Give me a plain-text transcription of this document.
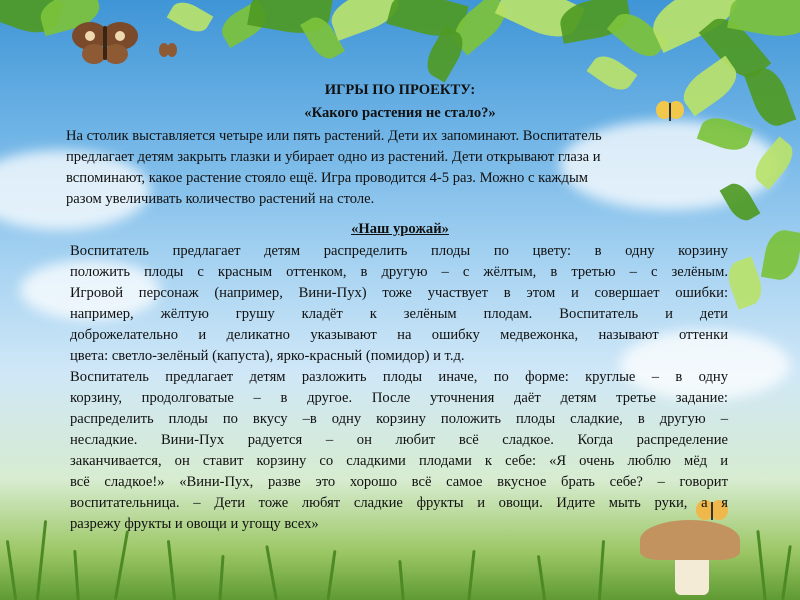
ИГРЫ ПО ПРОЕКТУ:
«Какого растения не стало?»
На столик выставляется четыре или пять растений. Дети их запоминают. Воспитатель
предлагает детям закрыть глазки и убирает одно из растений. Дети открывают глаза и
вспоминают, какое растение стояло ещё. Игра проводится 4-5 раз. Можно с каждым
разом увеличивать количество растений на столе.
«Наш урожай»
Воспитатель предлагает детям распределить плоды по цвету: в одну корзину
положить плоды с красным оттенком, в другую – с жёлтым, в третью – с зелёным.
Игровой персонаж (например, Вини-Пух) тоже участвует в этом и совершает ошибки:
например, жёлтую грушу кладёт к зелёным плодам. Воспитатель и дети
доброжелательно и деликатно указывают на ошибку медвежонка, называют оттенки
цвета: светло-зелёный (капуста), ярко-красный (помидор) и т.д.
Воспитатель предлагает детям разложить плоды иначе, по форме: круглые – в одну
корзину, продолговатые – в другое. После уточнения даёт детям третье задание:
распределить плоды по вкусу –в одну корзину положить плоды сладкие, в другую –
несладкие. Вини-Пух радуется – он любит всё сладкое. Когда распределение
заканчивается, он ставит корзину со сладкими плодами к себе: «Я очень люблю мёд и
всё сладкое!» «Вини-Пух, разве это хорошо всё самое вкусное брать себе? – говорит
воспитательница. – Дети тоже любят сладкие фрукты и овощи. Идите мыть руки, а я
разрежу фрукты и овощи и угощу всех»
